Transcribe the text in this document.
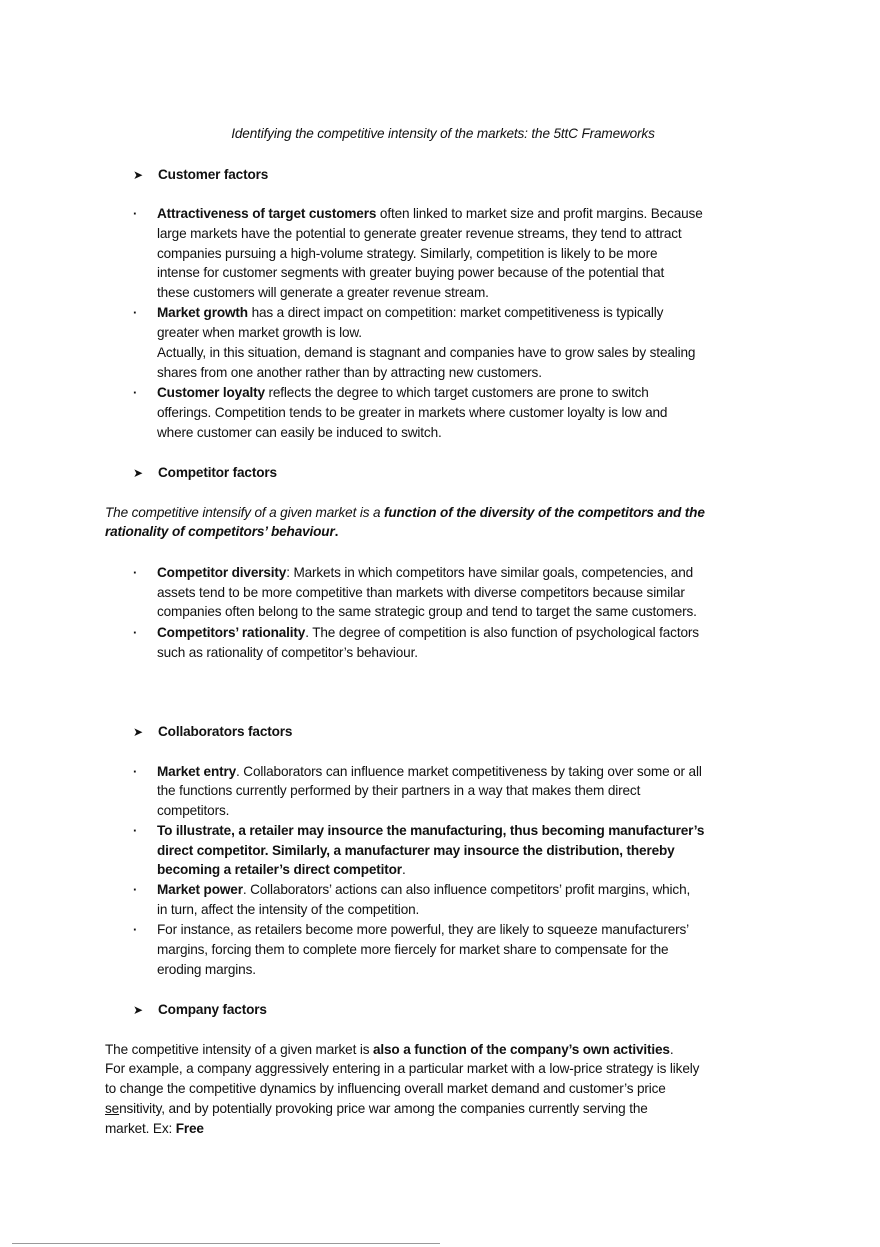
Identifying the competitive intensity of the markets: the 5ttC Frameworks
➤ Customer factors
· Attractiveness of target customers often linked to market size and profit margins. Because
large markets have the potential to generate greater revenue streams, they tend to attract
companies pursuing a high-volume strategy. Similarly, competition is likely to be more
intense for customer segments with greater buying power because of the potential that
these customers will generate a greater revenue stream.
· Market growth has a direct impact on competition: market competitiveness is typically
greater when market growth is low.
Actually, in this situation, demand is stagnant and companies have to grow sales by stealing
shares from one another rather than by attracting new customers.
· Customer loyalty reflects the degree to which target customers are prone to switch
offerings. Competition tends to be greater in markets where customer loyalty is low and
where customer can easily be induced to switch.
➤ Competitor factors
The competitive intensify of a given market is a function of the diversity of the competitors and the
rationality of competitors’ behaviour.
· Competitor diversity: Markets in which competitors have similar goals, competencies, and
assets tend to be more competitive than markets with diverse competitors because similar
companies often belong to the same strategic group and tend to target the same customers.
· Competitors’ rationality. The degree of competition is also function of psychological factors
such as rationality of competitor’s behaviour.
➤ Collaborators factors
· Market entry. Collaborators can influence market competitiveness by taking over some or all
the functions currently performed by their partners in a way that makes them direct
competitors.
· To illustrate, a retailer may insource the manufacturing, thus becoming manufacturer’s
direct competitor. Similarly, a manufacturer may insource the distribution, thereby
becoming a retailer’s direct competitor.
· Market power. Collaborators’ actions can also influence competitors’ profit margins, which,
in turn, affect the intensity of the competition.
· For instance, as retailers become more powerful, they are likely to squeeze manufacturers’
margins, forcing them to complete more fiercely for market share to compensate for the
eroding margins.
➤ Company factors
The competitive intensity of a given market is also a function of the company’s own activities.
For example, a company aggressively entering in a particular market with a low-price strategy is likely
to change the competitive dynamics by influencing overall market demand and customer’s price
sensitivity, and by potentially provoking price war among the companies currently serving the
market. Ex: Free
